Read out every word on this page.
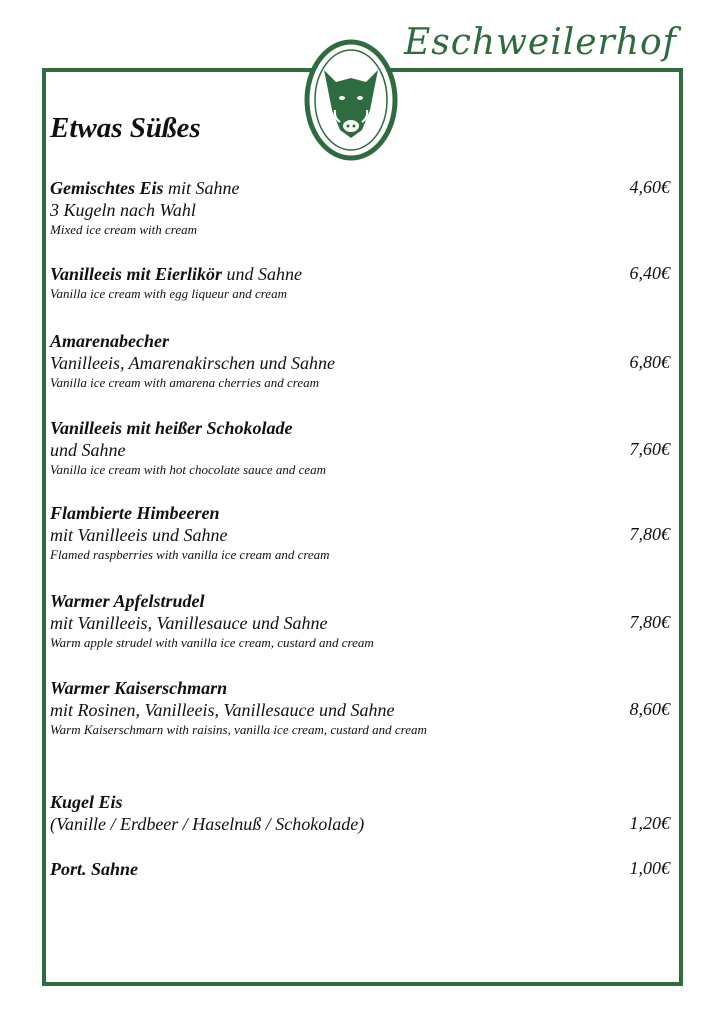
Eschweilerhof
Etwas Süßes
Gemischtes Eis mit Sahne
3 Kugeln nach Wahl
Mixed ice cream with cream
4,60€
Vanilleeis mit Eierlikör und Sahne
Vanilla ice cream with egg liqueur and cream
6,40€
Amarenabecher
Vanilleeis, Amarenakirschen und Sahne
Vanilla ice cream with amarena cherries and cream
6,80€
Vanilleeis mit heißer Schokolade
und Sahne
Vanilla ice cream with hot chocolate sauce and ceam
7,60€
Flambierte Himbeeren
mit Vanilleeis und Sahne
Flamed raspberries with vanilla ice cream and cream
7,80€
Warmer Apfelstrudel
mit Vanilleeis, Vanillesauce und Sahne
Warm apple strudel with vanilla ice cream, custard and cream
7,80€
Warmer Kaiserschmarn
mit Rosinen, Vanilleeis, Vanillesauce und Sahne
Warm Kaiserschmarn with raisins, vanilla ice cream, custard and cream
8,60€
Kugel Eis
(Vanille / Erdbeer / Haselnuß / Schokolade)	1,20€
Port. Sahne	1,00€
